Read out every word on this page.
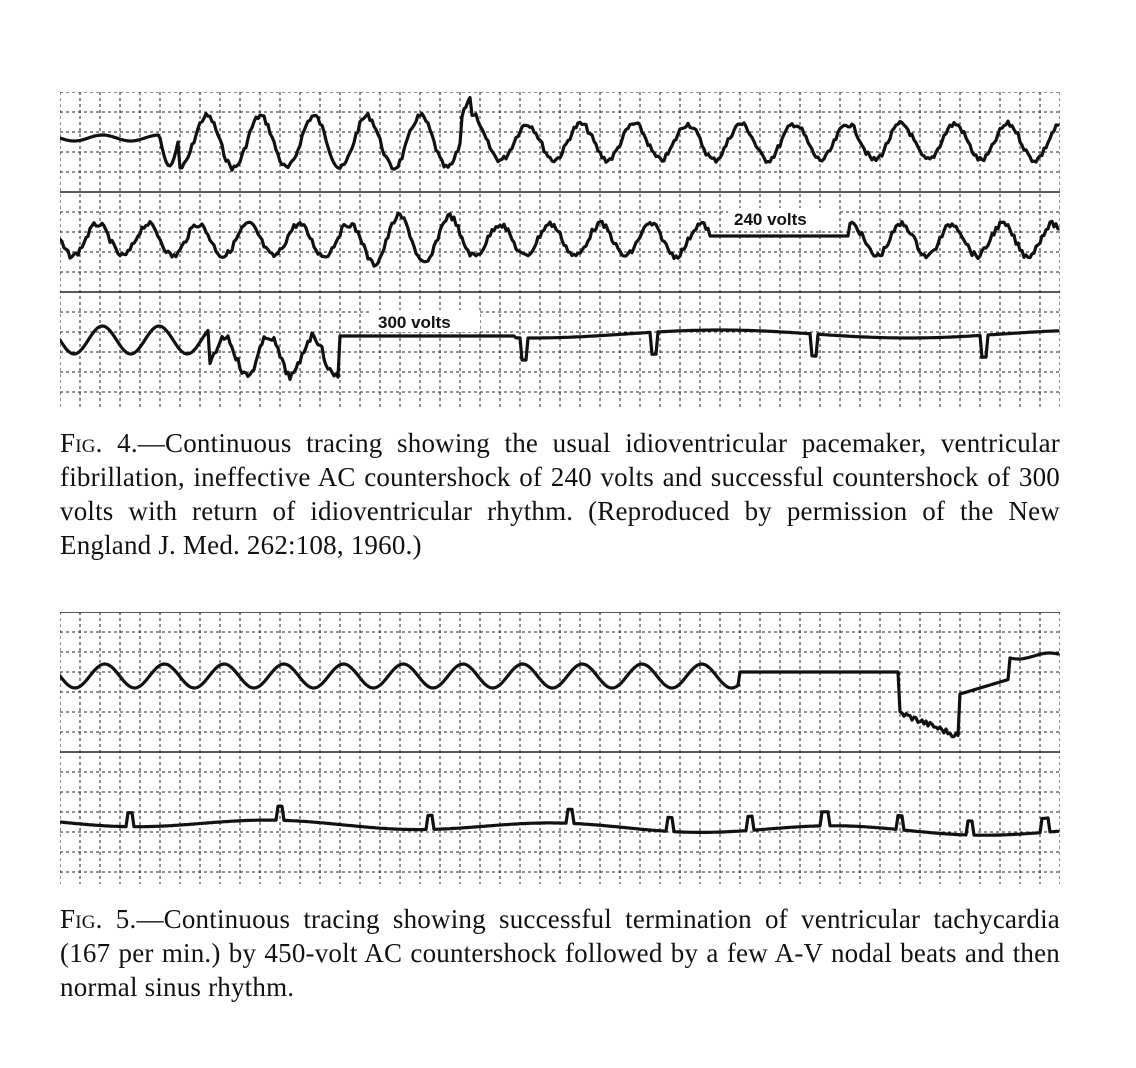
240 volts
300 volts
Fig. 4.—Continuous tracing showing the usual idioventricular pacemaker, ventricular fibrillation, ineffective AC countershock of 240 volts and successful countershock of 300 volts with return of idioventricular rhythm. (Reproduced by permission of the New England J. Med. 262:108, 1960.)
Fig. 5.—Continuous tracing showing successful termination of ventricular tachycardia (167 per min.) by 450-volt AC countershock followed by a few A-V nodal beats and then normal sinus rhythm.
